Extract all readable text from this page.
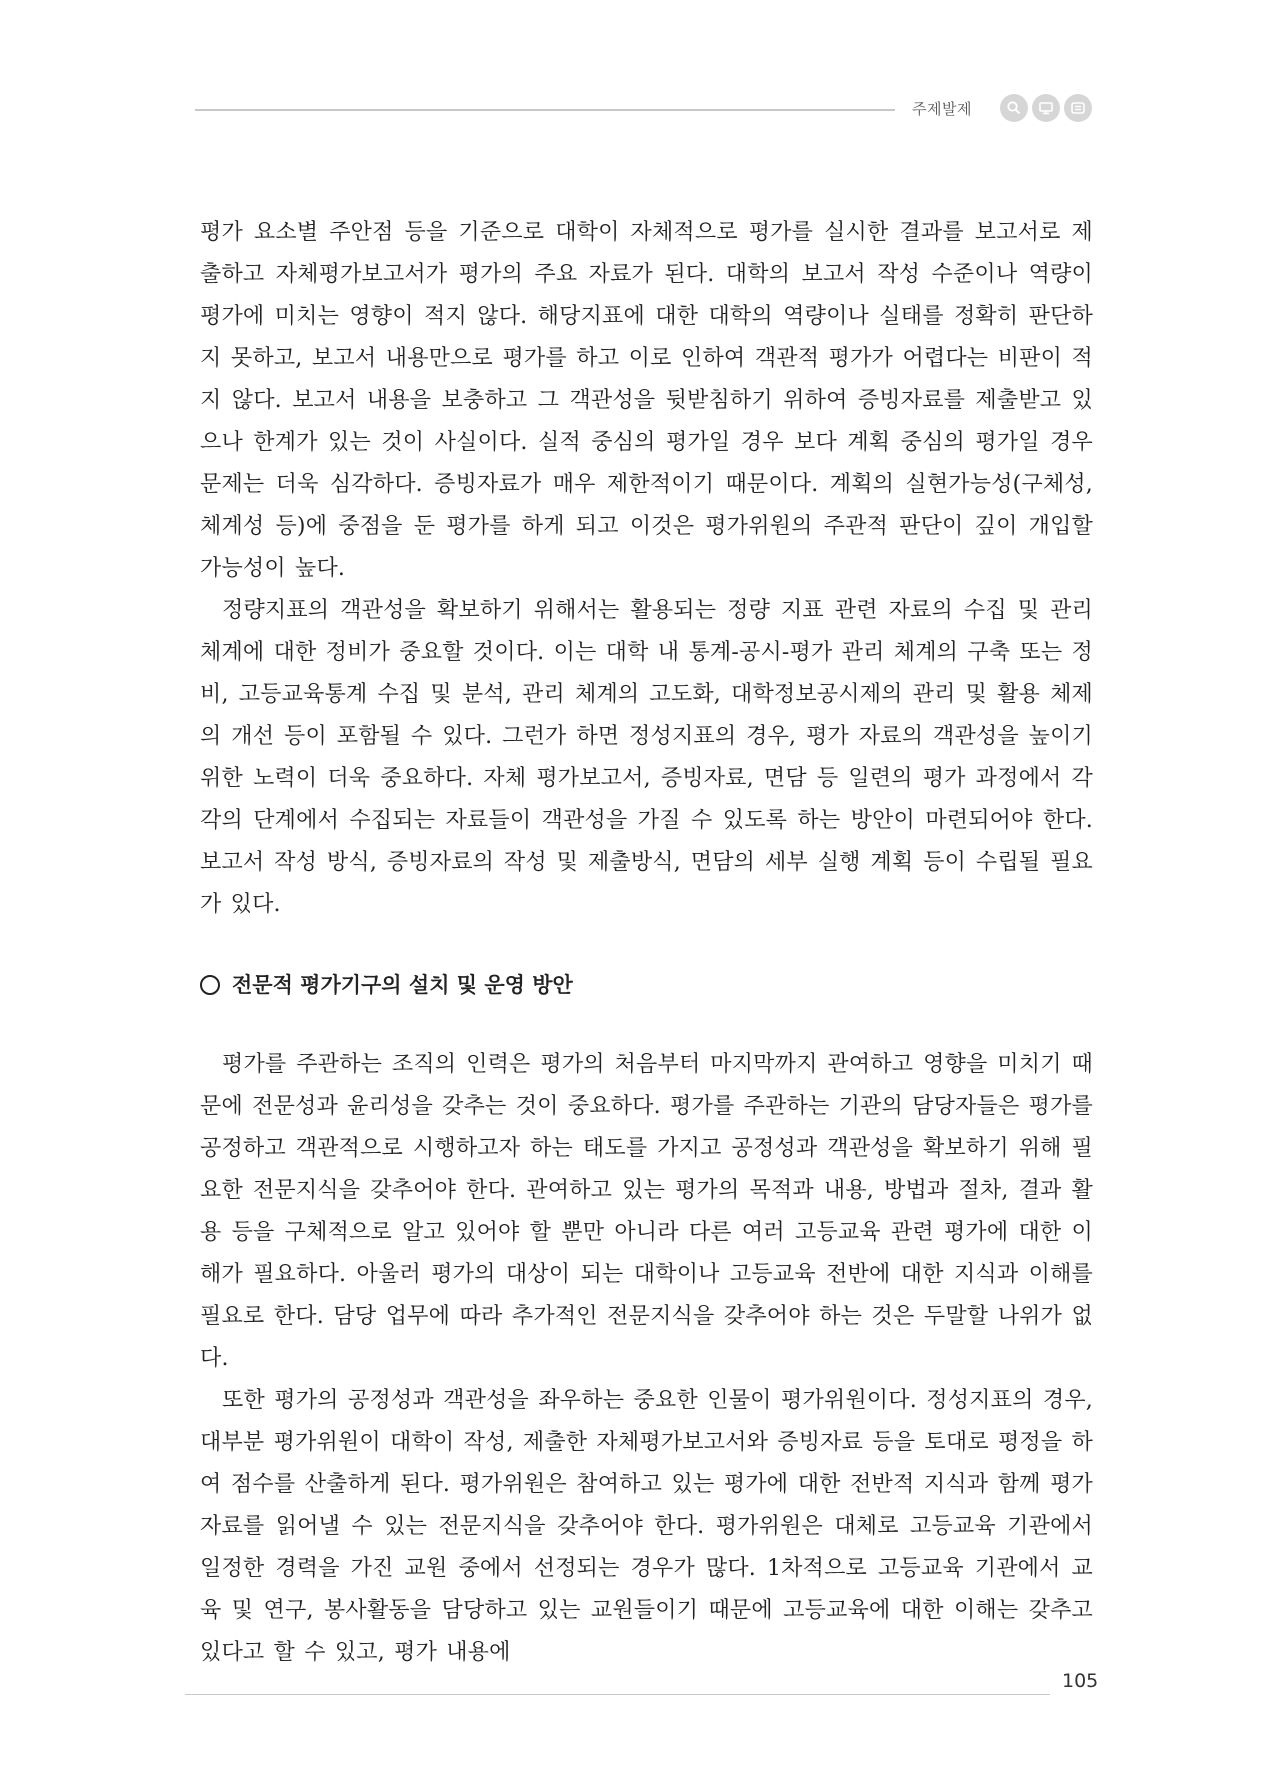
주제발제

평가 요소별 주안점 등을 기준으로 대학이 자체적으로 평가를 실시한 결과를 보고서로 제출하고 자체평가보고서가 평가의 주요 자료가 된다. 대학의 보고서 작성 수준이나 역량이 평가에 미치는 영향이 적지 않다. 해당지표에 대한 대학의 역량이나 실태를 정확히 판단하지 못하고, 보고서 내용만으로 평가를 하고 이로 인하여 객관적 평가가 어렵다는 비판이 적지 않다. 보고서 내용을 보충하고 그 객관성을 뒷받침하기 위하여 증빙자료를 제출받고 있으나 한계가 있는 것이 사실이다. 실적 중심의 평가일 경우 보다 계획 중심의 평가일 경우 문제는 더욱 심각하다. 증빙자료가 매우 제한적이기 때문이다. 계획의 실현가능성(구체성, 체계성 등)에 중점을 둔 평가를 하게 되고 이것은 평가위원의 주관적 판단이 깊이 개입할 가능성이 높다.

정량지표의 객관성을 확보하기 위해서는 활용되는 정량 지표 관련 자료의 수집 및 관리 체계에 대한 정비가 중요할 것이다. 이는 대학 내 통계-공시-평가 관리 체계의 구축 또는 정비, 고등교육통계 수집 및 분석, 관리 체계의 고도화, 대학정보공시제의 관리 및 활용 체제의 개선 등이 포함될 수 있다. 그런가 하면 정성지표의 경우, 평가 자료의 객관성을 높이기 위한 노력이 더욱 중요하다. 자체 평가보고서, 증빙자료, 면담 등 일련의 평가 과정에서 각각의 단계에서 수집되는 자료들이 객관성을 가질 수 있도록 하는 방안이 마련되어야 한다. 보고서 작성 방식, 증빙자료의 작성 및 제출방식, 면담의 세부 실행 계획 등이 수립될 필요가 있다.

전문적 평가기구의 설치 및 운영 방안

평가를 주관하는 조직의 인력은 평가의 처음부터 마지막까지 관여하고 영향을 미치기 때문에 전문성과 윤리성을 갖추는 것이 중요하다. 평가를 주관하는 기관의 담당자들은 평가를 공정하고 객관적으로 시행하고자 하는 태도를 가지고 공정성과 객관성을 확보하기 위해 필요한 전문지식을 갖추어야 한다. 관여하고 있는 평가의 목적과 내용, 방법과 절차, 결과 활용 등을 구체적으로 알고 있어야 할 뿐만 아니라 다른 여러 고등교육 관련 평가에 대한 이해가 필요하다. 아울러 평가의 대상이 되는 대학이나 고등교육 전반에 대한 지식과 이해를 필요로 한다. 담당 업무에 따라 추가적인 전문지식을 갖추어야 하는 것은 두말할 나위가 없다.

또한 평가의 공정성과 객관성을 좌우하는 중요한 인물이 평가위원이다. 정성지표의 경우, 대부분 평가위원이 대학이 작성, 제출한 자체평가보고서와 증빙자료 등을 토대로 평정을 하여 점수를 산출하게 된다. 평가위원은 참여하고 있는 평가에 대한 전반적 지식과 함께 평가 자료를 읽어낼 수 있는 전문지식을 갖추어야 한다. 평가위원은 대체로 고등교육 기관에서 일정한 경력을 가진 교원 중에서 선정되는 경우가 많다. 1차적으로 고등교육 기관에서 교육 및 연구, 봉사활동을 담당하고 있는 교원들이기 때문에 고등교육에 대한 이해는 갖추고 있다고 할 수 있고, 평가 내용에

105
